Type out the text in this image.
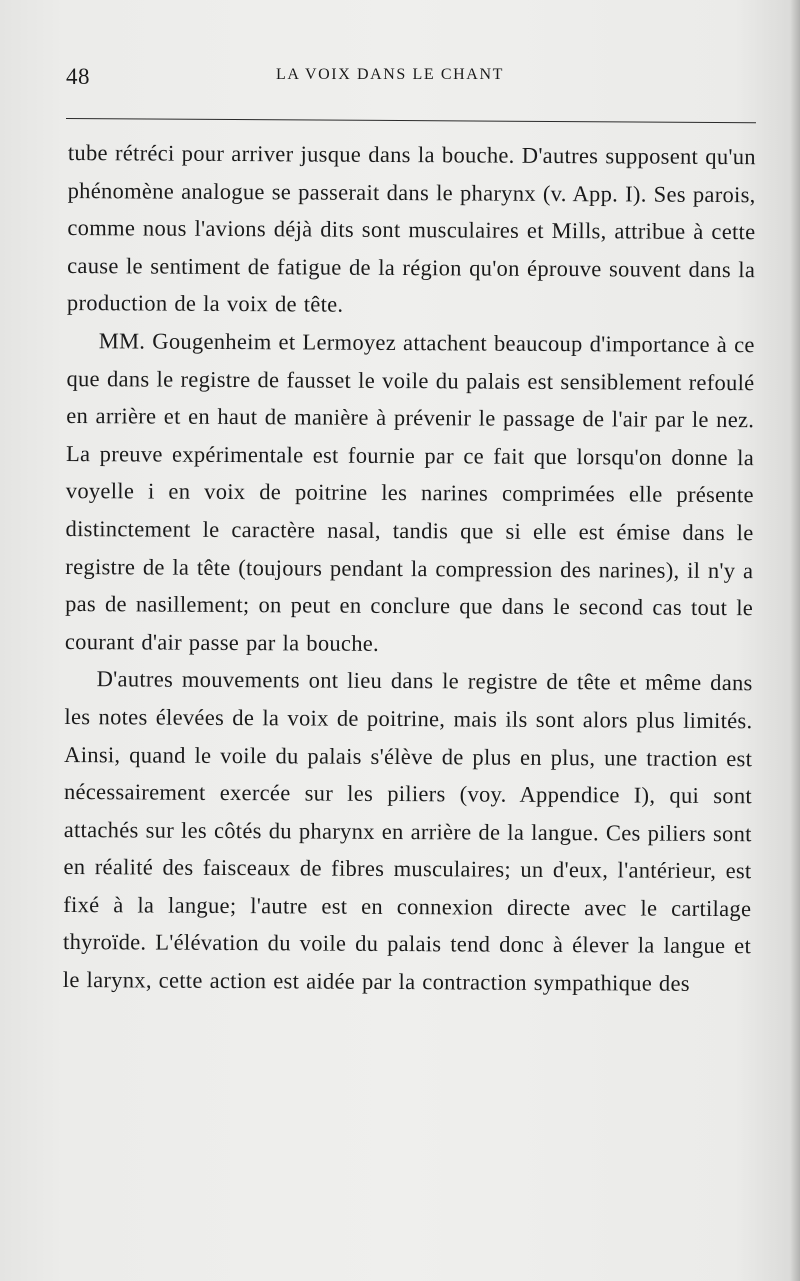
48	LA VOIX DANS LE CHANT

tube rétréci pour arriver jusque dans la bouche. D'autres supposent qu'un phénomène analogue se passerait dans le pharynx (v. App. I). Ses parois, comme nous l'avions déjà dits sont musculaires et Mills, attribue à cette cause le sentiment de fatigue de la région qu'on éprouve souvent dans la production de la voix de tête.

MM. Gougenheim et Lermoyez attachent beaucoup d'importance à ce que dans le registre de fausset le voile du palais est sensiblement refoulé en arrière et en haut de manière à prévenir le passage de l'air par le nez. La preuve expérimentale est fournie par ce fait que lorsqu'on donne la voyelle i en voix de poitrine les narines comprimées elle présente distinctement le caractère nasal, tandis que si elle est émise dans le registre de la tête (toujours pendant la compression des narines), il n'y a pas de nasillement; on peut en conclure que dans le second cas tout le courant d'air passe par la bouche.

D'autres mouvements ont lieu dans le registre de tête et même dans les notes élevées de la voix de poitrine, mais ils sont alors plus limités. Ainsi, quand le voile du palais s'élève de plus en plus, une traction est nécessairement exercée sur les piliers (voy. Appendice I), qui sont attachés sur les côtés du pharynx en arrière de la langue. Ces piliers sont en réalité des faisceaux de fibres musculaires; un d'eux, l'antérieur, est fixé à la langue; l'autre est en connexion directe avec le cartilage thyroïde. L'élévation du voile du palais tend donc à élever la langue et le larynx, cette action est aidée par la contraction sympathique des
